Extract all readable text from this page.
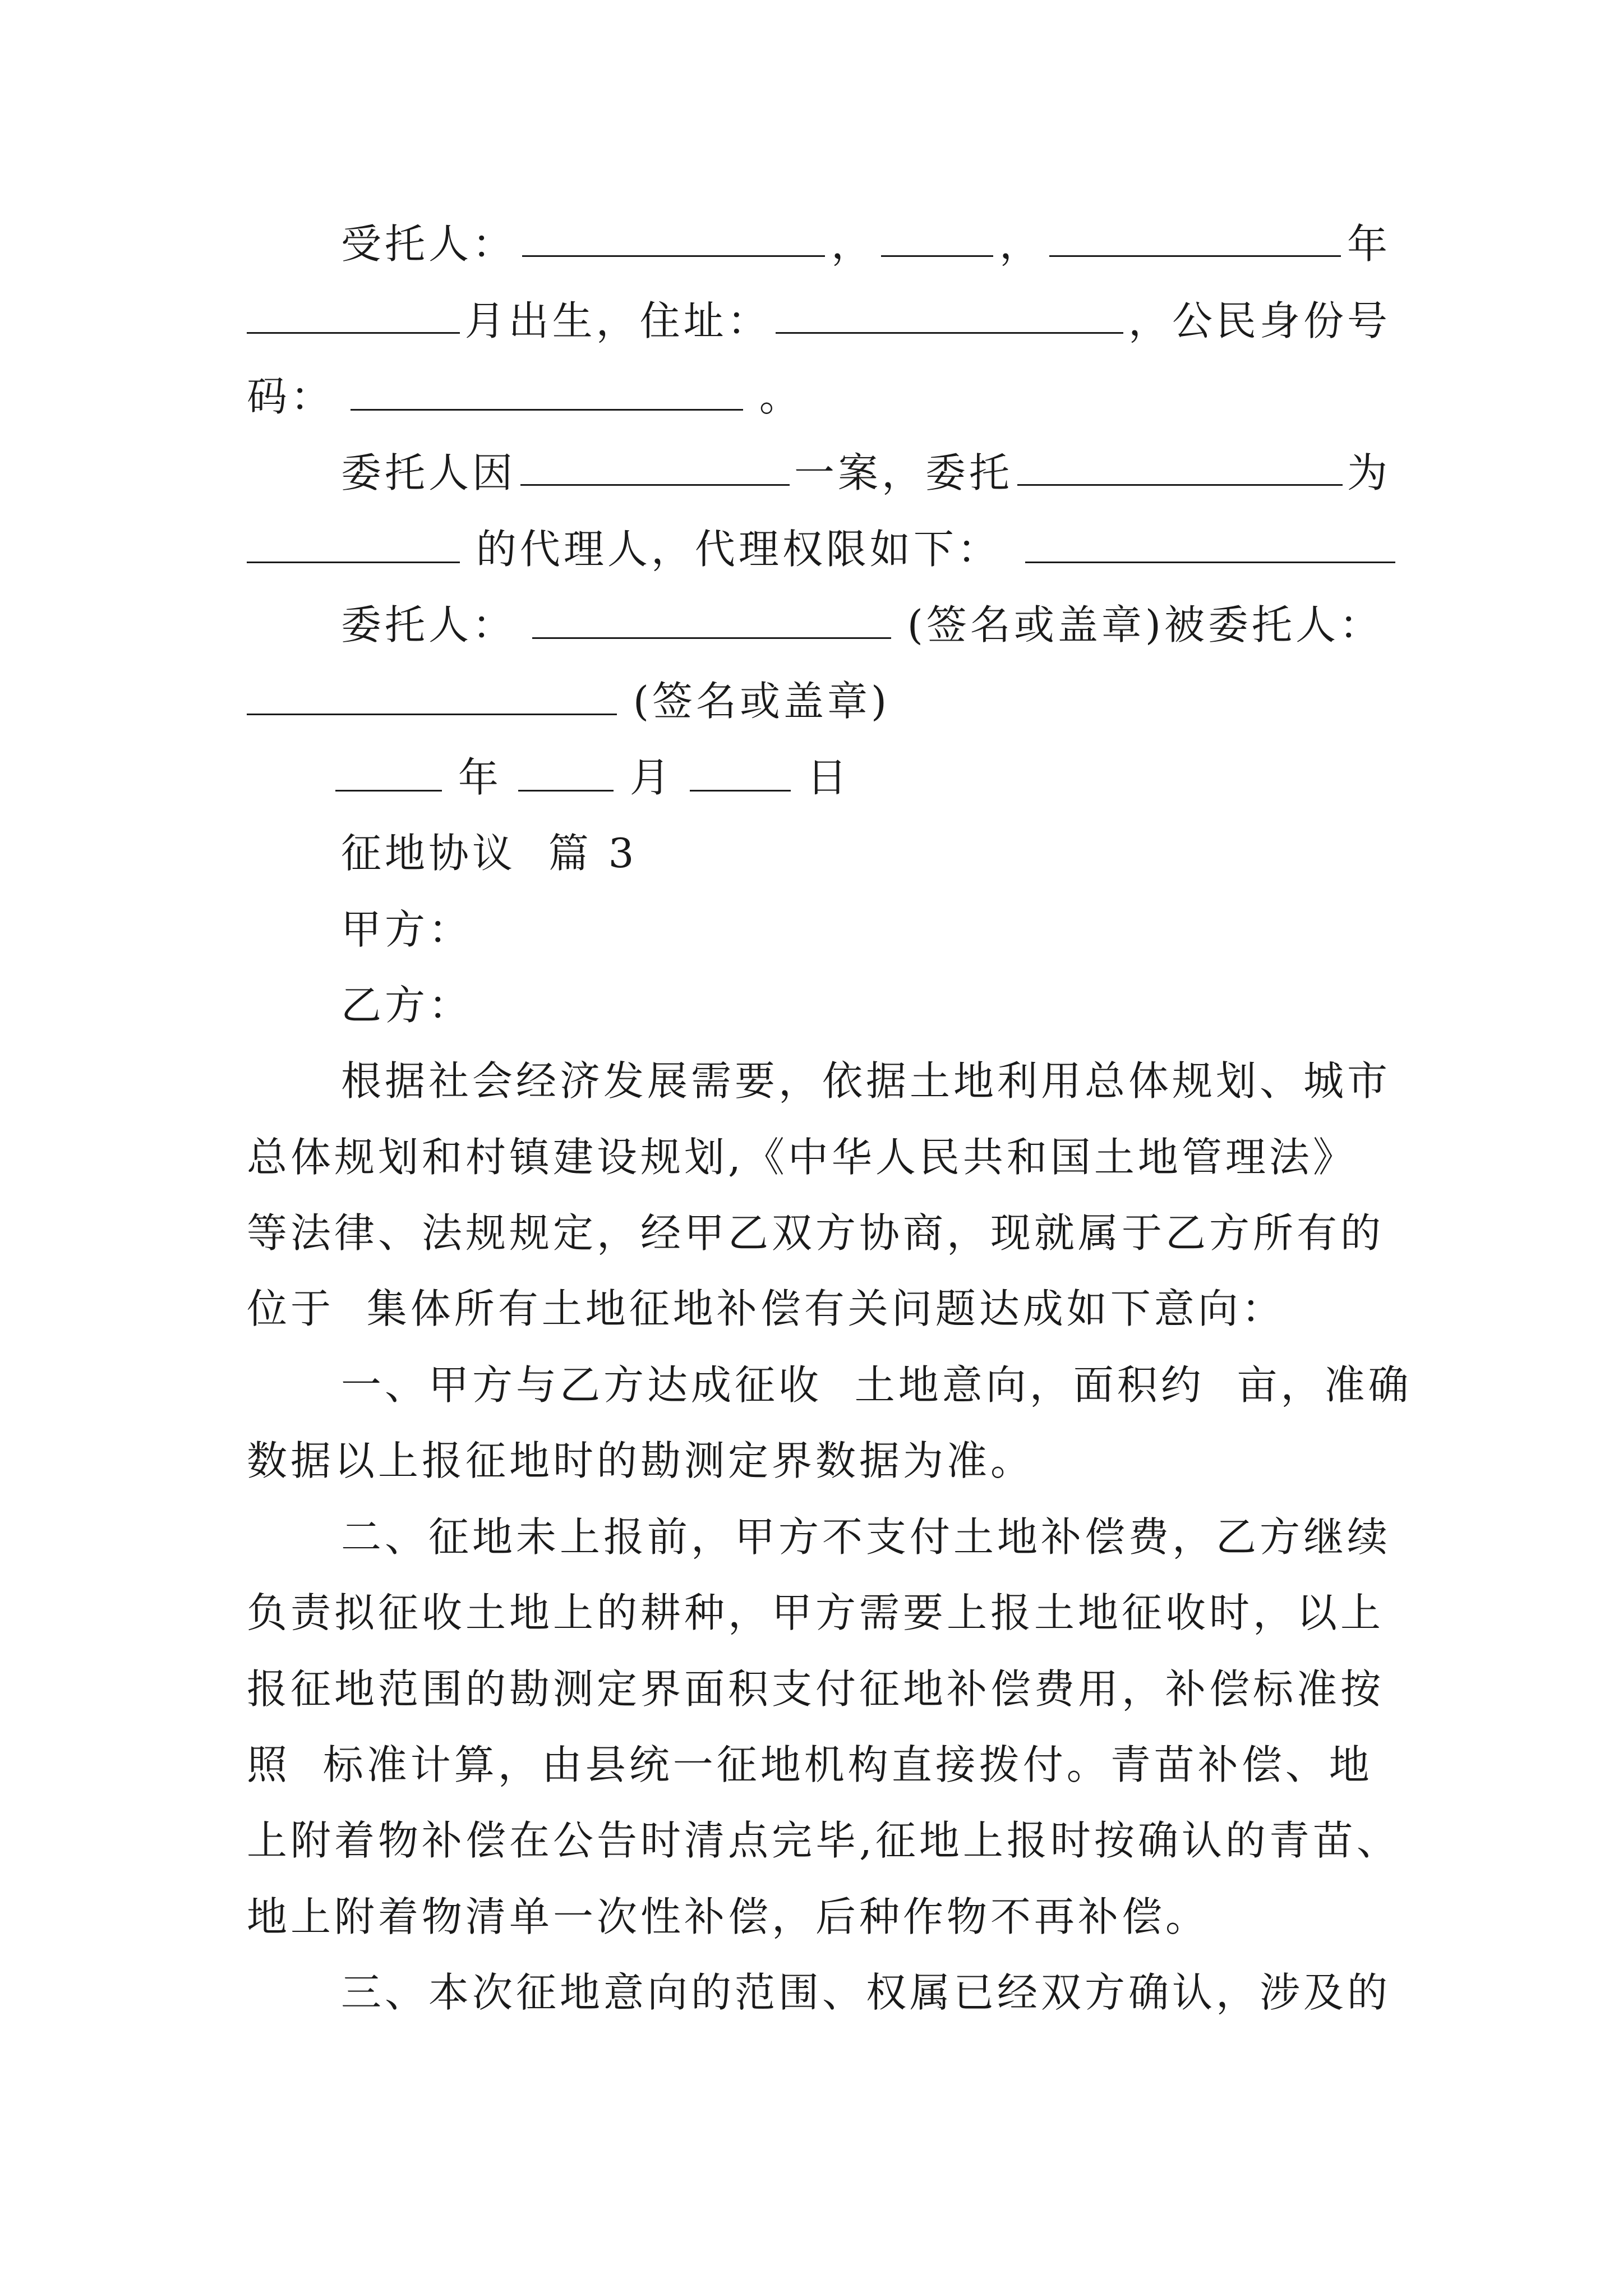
受托人：	，	，	年
月出生，住址：	，公民身份号
码：	。
委托人因	一案，委托	为
的代理人，代理权限如下：
委托人：	(签名或盖章)被委托人：
(签名或盖章)
年	月	日
征地协议  篇 3
甲方：
乙方：
根据社会经济发展需要，依据土地利用总体规划、城市
总体规划和村镇建设规划,《中华人民共和国土地管理法》
等法律、法规规定，经甲乙双方协商，现就属于乙方所有的
位于  集体所有土地征地补偿有关问题达成如下意向：
一、甲方与乙方达成征收  土地意向，面积约  亩，准确
数据以上报征地时的勘测定界数据为准。
二、征地未上报前，甲方不支付土地补偿费，乙方继续
负责拟征收土地上的耕种，甲方需要上报土地征收时，以上
报征地范围的勘测定界面积支付征地补偿费用，补偿标准按
照  标准计算，由县统一征地机构直接拨付。青苗补偿、地
上附着物补偿在公告时清点完毕,征地上报时按确认的青苗、
地上附着物清单一次性补偿，后种作物不再补偿。
三、本次征地意向的范围、权属已经双方确认，涉及的
